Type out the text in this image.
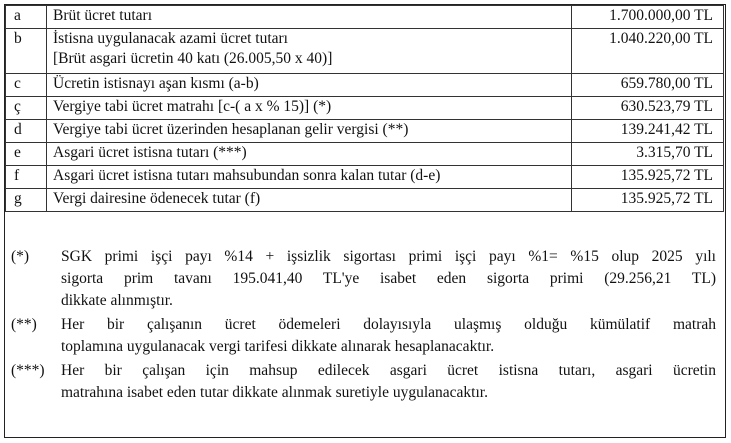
a	Brüt ücret tutarı	1.700.000,00 TL
b	İstisna uygulanacak azami ücret tutarı
[Brüt asgari ücretin 40 katı (26.005,50 x 40)]	1.040.220,00 TL
c	Ücretin istisnayı aşan kısmı (a-b)	659.780,00 TL
ç	Vergiye tabi ücret matrahı [c-( a x % 15)] (*)	630.523,79 TL
d	Vergiye tabi ücret üzerinden hesaplanan gelir vergisi (**)	139.241,42 TL
e	Asgari ücret istisna tutarı (***)	3.315,70 TL
f	Asgari ücret istisna tutarı mahsubundan sonra kalan tutar (d-e)	135.925,72 TL
g	Vergi dairesine ödenecek tutar (f)	135.925,72 TL
(*)	SGK primi işçi payı %14 + işsizlik sigortası primi işçi payı %1= %15 olup 2025 yılı
sigorta prim tavanı 195.041,40 TL'ye isabet eden sigorta primi (29.256,21 TL)
dikkate alınmıştır.
(**)	Her bir çalışanın ücret ödemeleri dolayısıyla ulaşmış olduğu kümülatif matrah
toplamına uygulanacak vergi tarifesi dikkate alınarak hesaplanacaktır.
(***)	Her bir çalışan için mahsup edilecek asgari ücret istisna tutarı, asgari ücretin
matrahına isabet eden tutar dikkate alınmak suretiyle uygulanacaktır.
